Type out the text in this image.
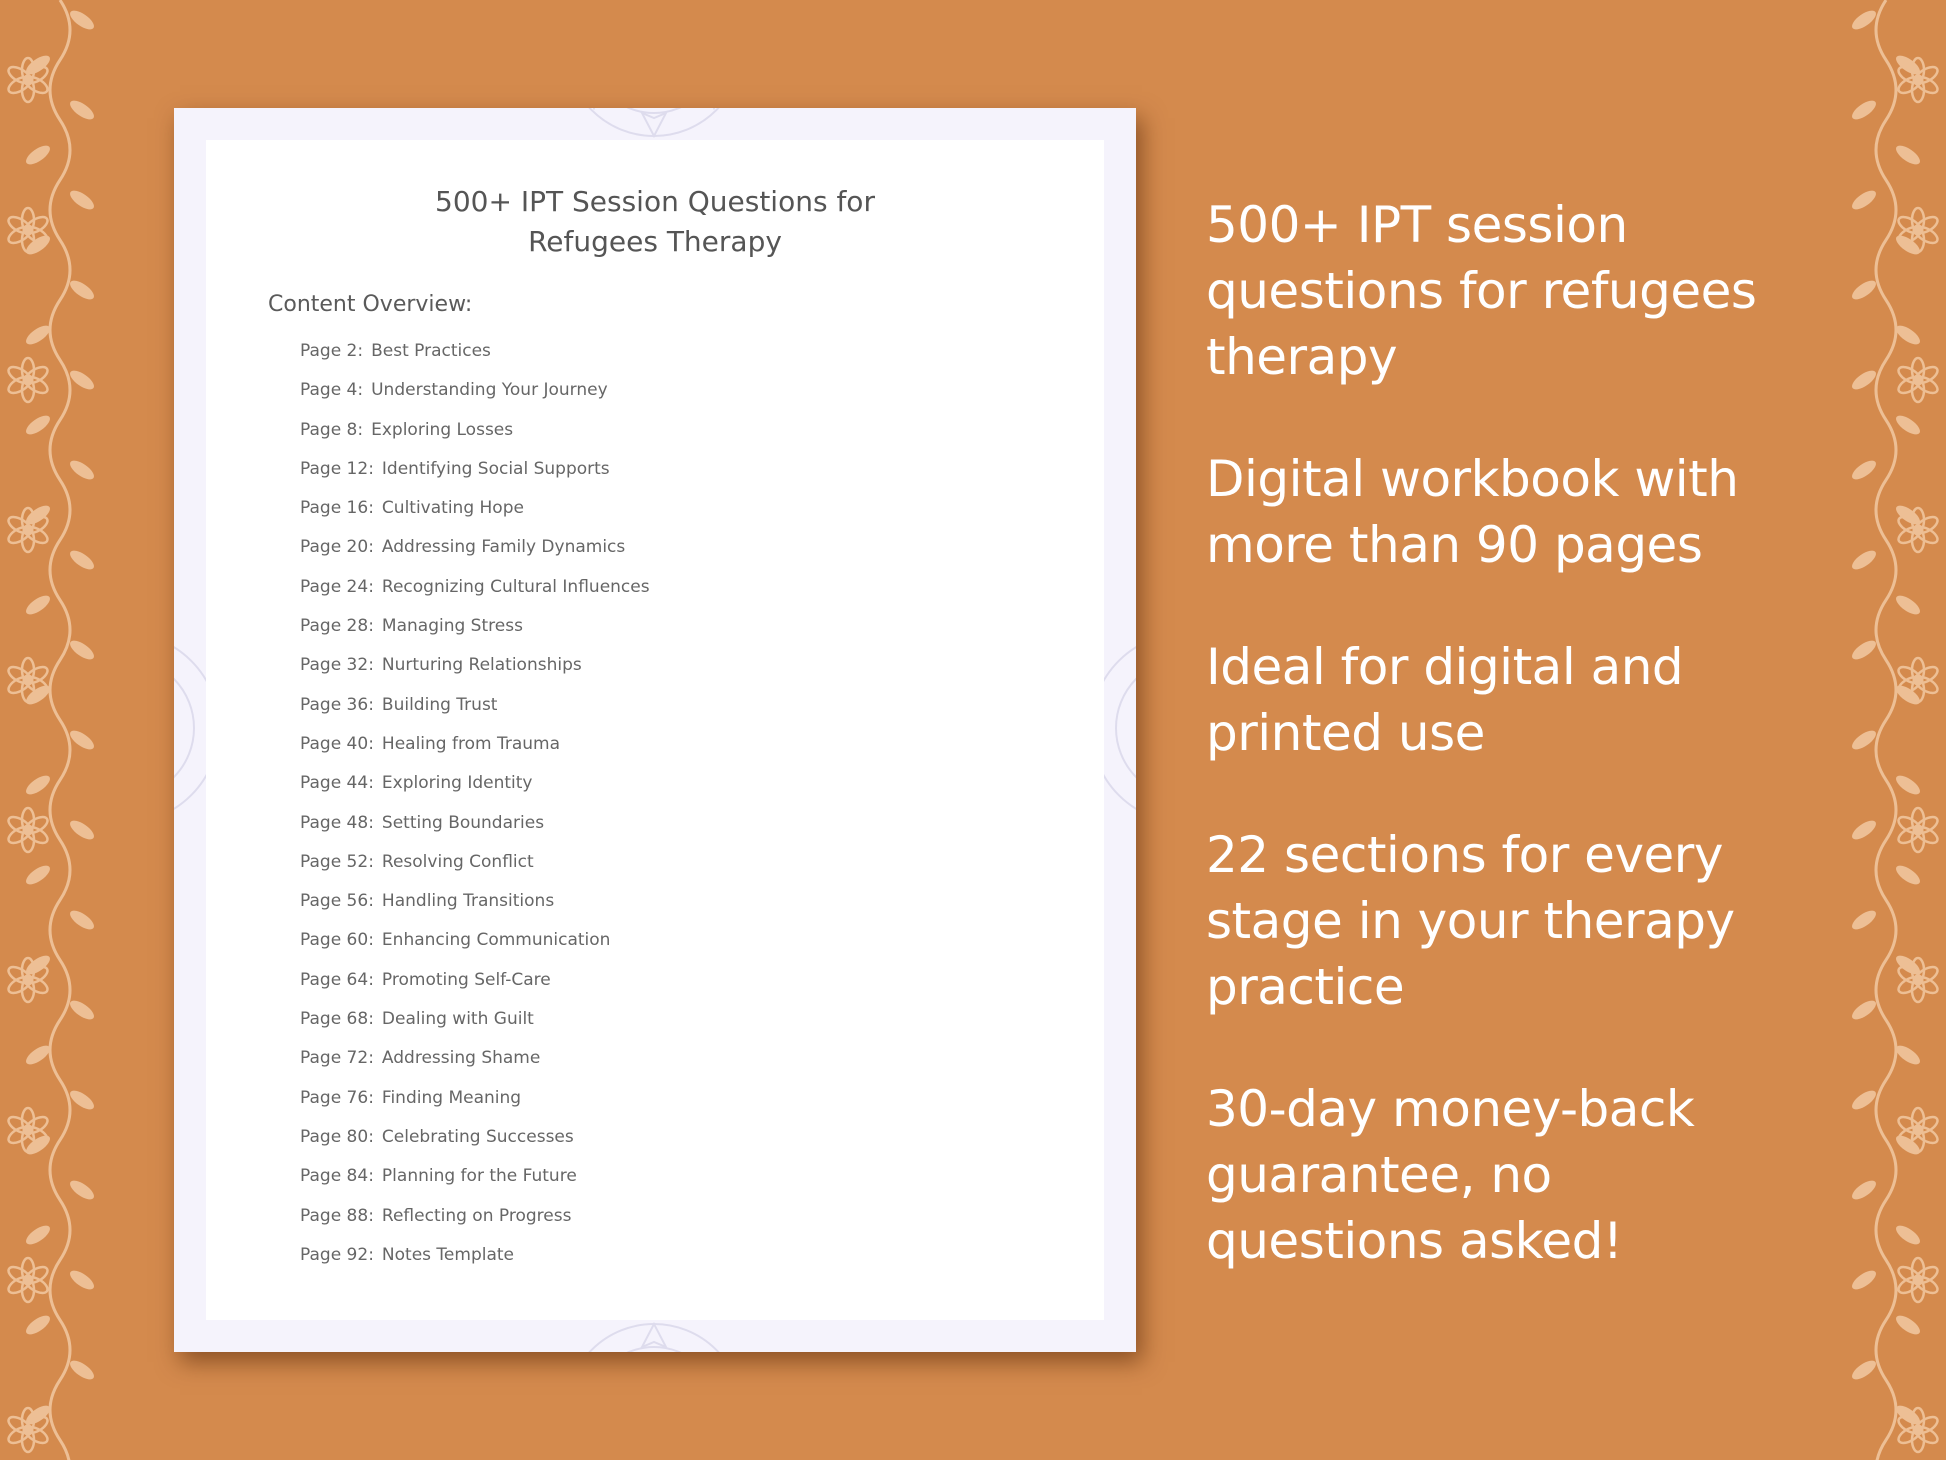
500+ IPT Session Questions for
Refugees Therapy
Content Overview:
Page 2: Best Practices
Page 4: Understanding Your Journey
Page 8: Exploring Losses
Page 12: Identifying Social Supports
Page 16: Cultivating Hope
Page 20: Addressing Family Dynamics
Page 24: Recognizing Cultural Influences
Page 28: Managing Stress
Page 32: Nurturing Relationships
Page 36: Building Trust
Page 40: Healing from Trauma
Page 44: Exploring Identity
Page 48: Setting Boundaries
Page 52: Resolving Conflict
Page 56: Handling Transitions
Page 60: Enhancing Communication
Page 64: Promoting Self-Care
Page 68: Dealing with Guilt
Page 72: Addressing Shame
Page 76: Finding Meaning
Page 80: Celebrating Successes
Page 84: Planning for the Future
Page 88: Reflecting on Progress
Page 92: Notes Template
500+ IPT session
questions for refugees
therapy
Digital workbook with
more than 90 pages
Ideal for digital and
printed use
22 sections for every
stage in your therapy
practice
30-day money-back
guarantee, no
questions asked!
